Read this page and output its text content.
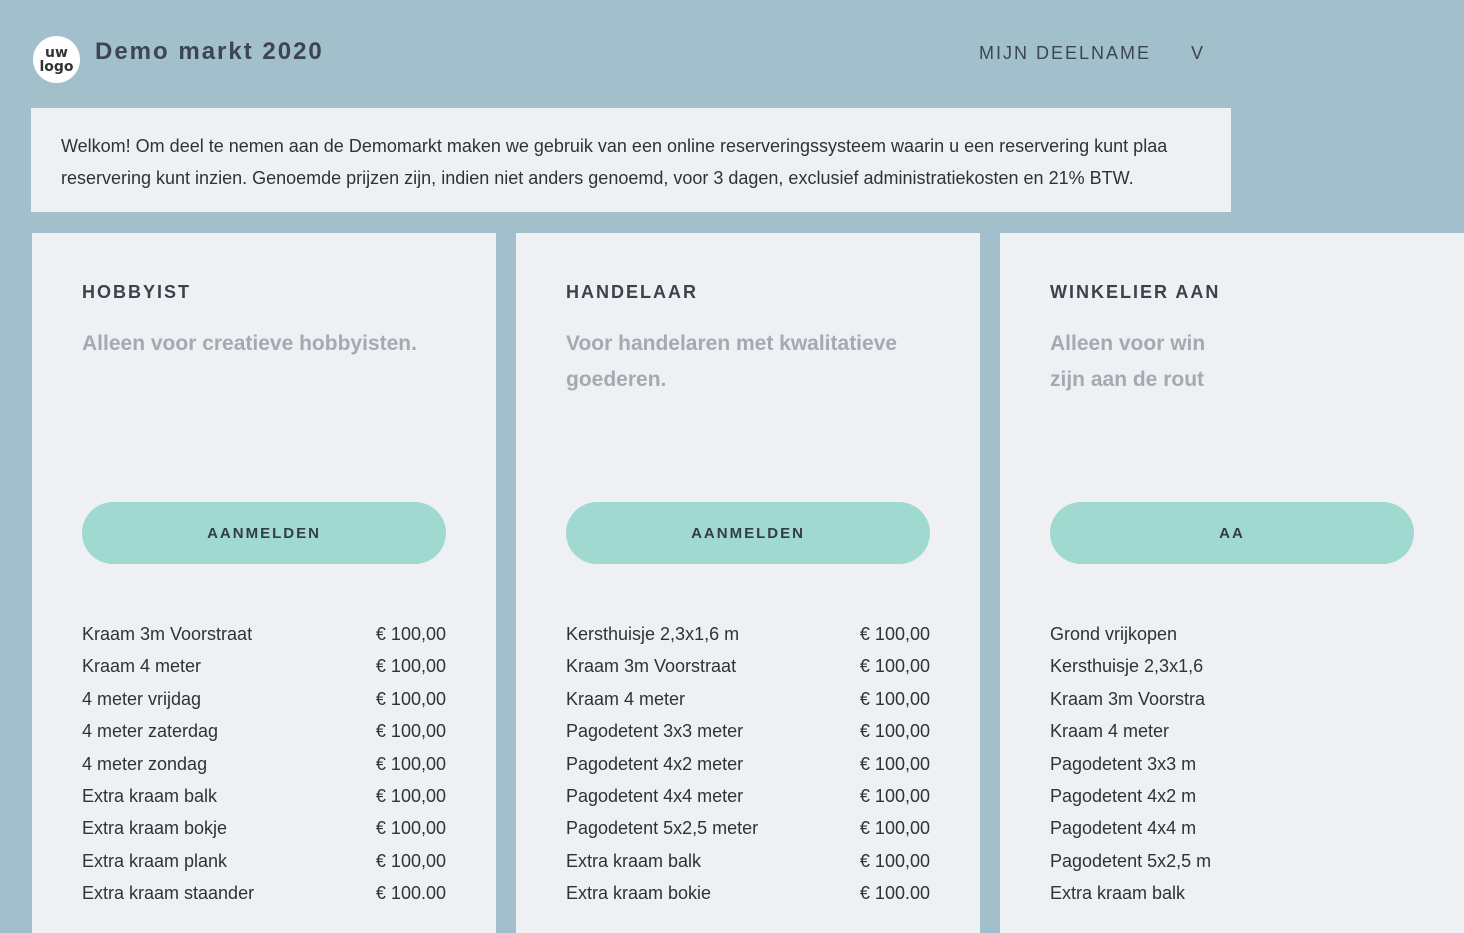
uw
logo
Demo markt 2020	MIJN DEELNAME V

Welkom! Om deel te nemen aan de Demomarkt maken we gebruik van een online reserveringssysteem waarin u een reservering kunt plaa
reservering kunt inzien. Genoemde prijzen zijn, indien niet anders genoemd, voor 3 dagen, exclusief administratiekosten en 21% BTW.

HOBBYIST
Alleen voor creatieve hobbyisten.
AANMELDEN
Kraam 3m Voorstraat	€ 100,00
Kraam 4 meter	€ 100,00
4 meter vrijdag	€ 100,00
4 meter zaterdag	€ 100,00
4 meter zondag	€ 100,00
Extra kraam balk	€ 100,00
Extra kraam bokje	€ 100,00
Extra kraam plank	€ 100,00
Extra kraam staander	€ 100.00
HANDELAAR
Voor handelaren met kwalitatieve
goederen.
AANMELDEN
Kersthuisje 2,3x1,6 m	€ 100,00
Kraam 3m Voorstraat	€ 100,00
Kraam 4 meter	€ 100,00
Pagodetent 3x3 meter	€ 100,00
Pagodetent 4x2 meter	€ 100,00
Pagodetent 4x4 meter	€ 100,00
Pagodetent 5x2,5 meter	€ 100,00
Extra kraam balk	€ 100,00
Extra kraam bokie	€ 100.00
WINKELIER AAN
Alleen voor win
zijn aan de rout
AA
Grond vrijkopen
Kersthuisje 2,3x1,6
Kraam 3m Voorstra
Kraam 4 meter
Pagodetent 3x3 m
Pagodetent 4x2 m
Pagodetent 4x4 m
Pagodetent 5x2,5 m
Extra kraam balk
